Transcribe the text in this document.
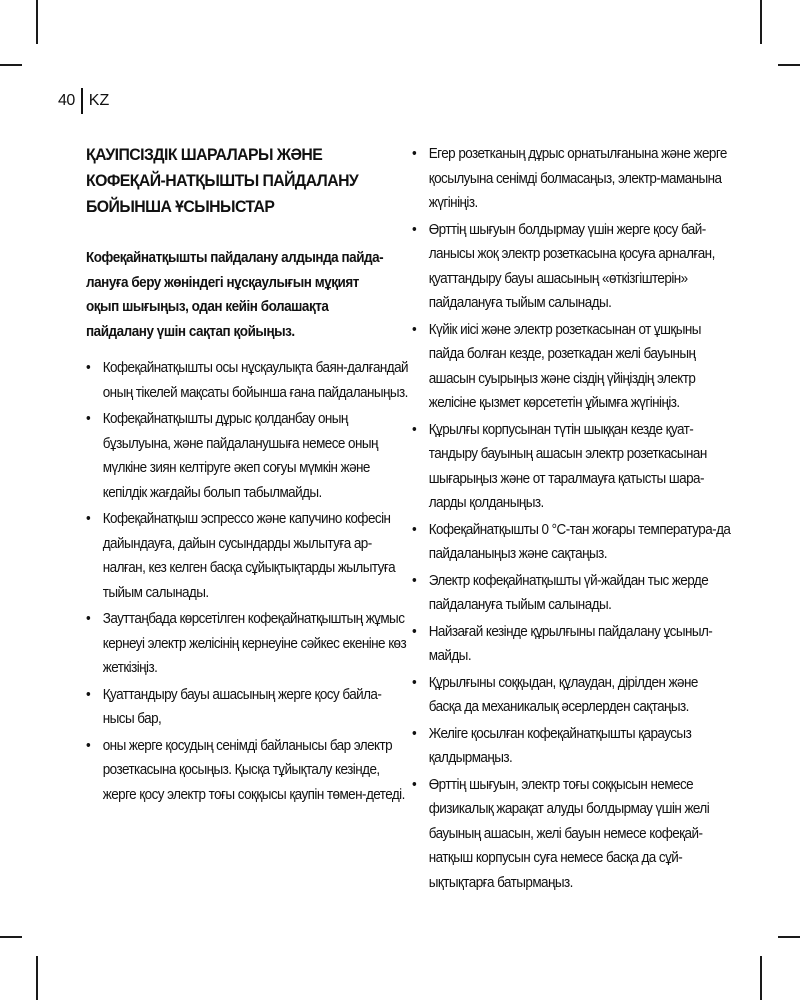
40 KZ
ҚАУІПСІЗДІК ШАРАЛАРЫ ЖӘНЕ КОФЕҚАЙ-НАТҚЫШТЫ ПАЙДАЛАНУ БОЙЫНША ҰСЫНЫСТАР

Кофеқайнатқышты пайдалану алдында пайда-лануға беру жөніндегі нұсқаулығын мұқият оқып шығыңыз, одан кейін болашақта пайдалану үшін сақтап қойыңыз.

• Кофеқайнатқышты осы нұсқаулықта баян-далғандай оның тікелей мақсаты бойынша ғана пайдаланыңыз.
• Кофеқайнатқышты дұрыс қолданбау оның бұзылуына, және пайдаланушыға немесе оның мүлкіне зиян келтіруге әкеп соғуы мүмкін және кепілдік жағдайы болып табылмайды.
• Кофеқайнатқыш эспрессо және капучино кофесін дайындауға, дайын сусындарды жылытуға ар-налған, кез келген басқа сұйықтықтарды жылытуға тыйым салынады.
• Зауттаңбада көрсетілген кофеқайнатқыштың жұмыс кернеуі электр желісінің кернеуіне сәйкес екеніне көз жеткізіңіз.
• Қуаттандыру бауы ашасының жерге қосу байла-нысы бар,
• оны жерге қосудың сенімді байланысы бар электр розеткасына қосыңыз. Қысқа тұйықталу кезінде, жерге қосу электр тоғы соққысы қаупін төмен-детеді.
• Егер розетканың дұрыс орнатылғанына және жерге қосылуына сенімді болмасаңыз, электр-маманына жүгініңіз.
• Өрттің шығуын болдырмау үшін жерге қосу бай-ланысы жоқ электр розеткасына қосуға арналған, қуаттандыру бауы ашасының «өткізгіштерін» пайдалануға тыйым салынады.
• Күйік иісі және электр розеткасынан от ұшқыны пайда болған кезде, розеткадан желі бауының ашасын суырыңыз және сіздің үйіңіздің электр желісіне қызмет көрсететін ұйымға жүгініңіз.
• Құрылғы корпусынан түтін шыққан кезде қуат-тандыру бауының ашасын электр розеткасынан шығарыңыз және от таралмауға қатысты шара-ларды қолданыңыз.
• Кофеқайнатқышты 0 °С-тан жоғары температура-да пайдаланыңыз және сақтаңыз.
• Электр кофеқайнатқышты үй-жайдан тыс жерде пайдалануға тыйым салынады.
• Найзағай кезінде құрылғыны пайдалану ұсыныл-майды.
• Құрылғыны соққыдан, құлаудан, дірілден және басқа да механикалық әсерлерден сақтаңыз.
• Желіге қосылған кофеқайнатқышты қараусыз қалдырмаңыз.
• Өрттің шығуын, электр тоғы соққысын немесе физикалық жарақат алуды болдырмау үшін желі бауының ашасын, желі бауын немесе кофеқай-натқыш корпусын суға немесе басқа да сұй-ықтықтарға батырмаңыз.
